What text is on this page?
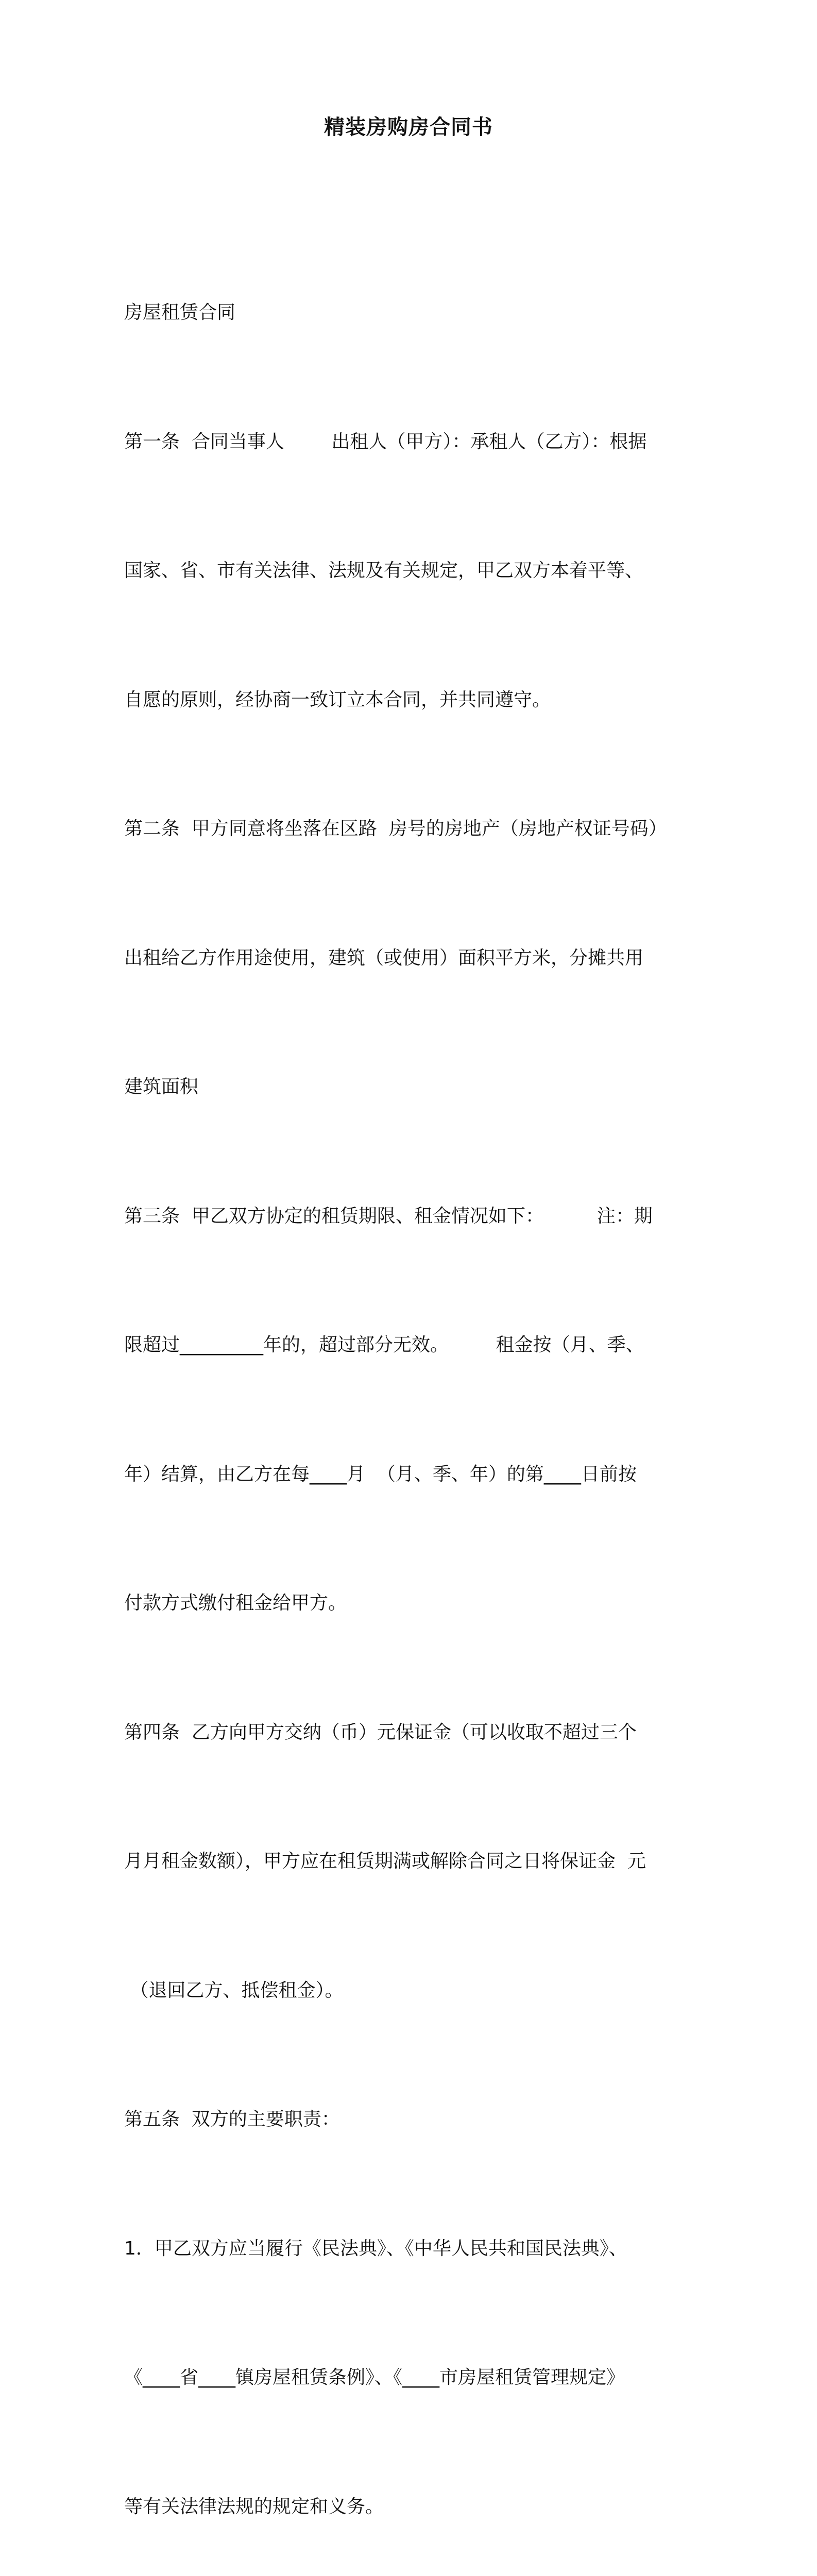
精装房购房合同书

房屋租赁合同

第一条  合同当事人        出租人（甲方）：承租人（乙方）：根据

国家、省、市有关法律、法规及有关规定，甲乙双方本着平等、

自愿的原则，经协商一致订立本合同，并共同遵守。

第二条  甲方同意将坐落在区路  房号的房地产（房地产权证号码）

出租给乙方作用途使用，建筑（或使用）面积平方米，分摊共用

建筑面积

第三条  甲乙双方协定的租赁期限、租金情况如下：         注：期

限超过_________年的，超过部分无效。        租金按（月、季、

年）结算，由乙方在每____月  （月、季、年）的第____日前按

付款方式缴付租金给甲方。

第四条  乙方向甲方交纳（币）元保证金（可以收取不超过三个

月月租金数额），甲方应在租赁期满或解除合同之日将保证金  元

（退回乙方、抵偿租金）。

第五条  双方的主要职责：

1．甲乙双方应当履行《民法典》、《中华人民共和国民法典》、

《____省____镇房屋租赁条例》、《____市房屋租赁管理规定》

等有关法律法规的规定和义务。
